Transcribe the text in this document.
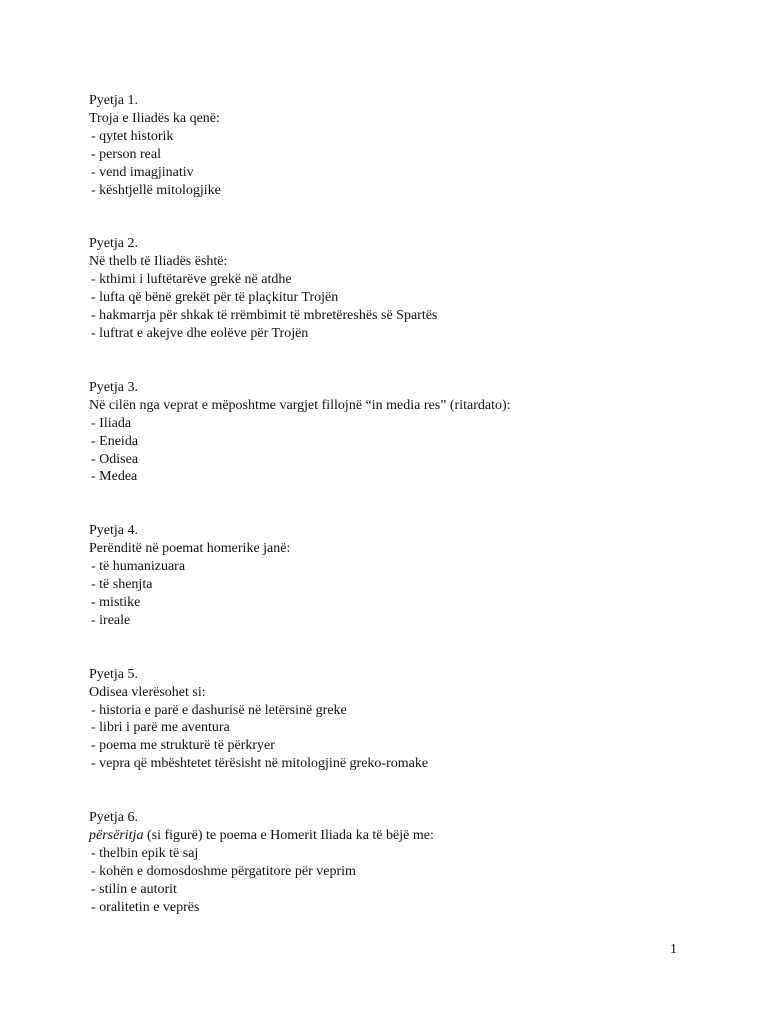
Pyetja 1.
Troja e Iliadës ka qenë:
- qytet historik
- person real
- vend imagjinativ
- kështjellë mitologjike
Pyetja 2.
Në thelb të Iliadës është:
- kthimi i luftëtarëve grekë në atdhe
- lufta që bënë grekët për të plaçkitur Trojën
- hakmarrja për shkak të rrëmbimit të mbretëreshës së Spartës
- luftrat e akejve dhe eolëve për Trojën
Pyetja 3.
Në cilën nga veprat e mëposhtme vargjet fillojnë “in media res” (ritardato):
- Iliada
- Eneida
- Odisea
- Medea
Pyetja 4.
Perënditë në poemat homerike janë:
- të humanizuara
- të shenjta
- mistike
- ireale
Pyetja 5.
Odisea vlerësohet si:
- historia e parë e dashurisë në letërsinë greke
- libri i parë me aventura
- poema me strukturë të përkryer
- vepra që mbështetet tërësisht në mitologjinë greko-romake
Pyetja 6.
përsëritja (si figurë) te poema e Homerit Iliada ka të bëjë me:
- thelbin epik të saj
- kohën e domosdoshme përgatitore për veprim
- stilin e autorit
- oralitetin e veprës
1
